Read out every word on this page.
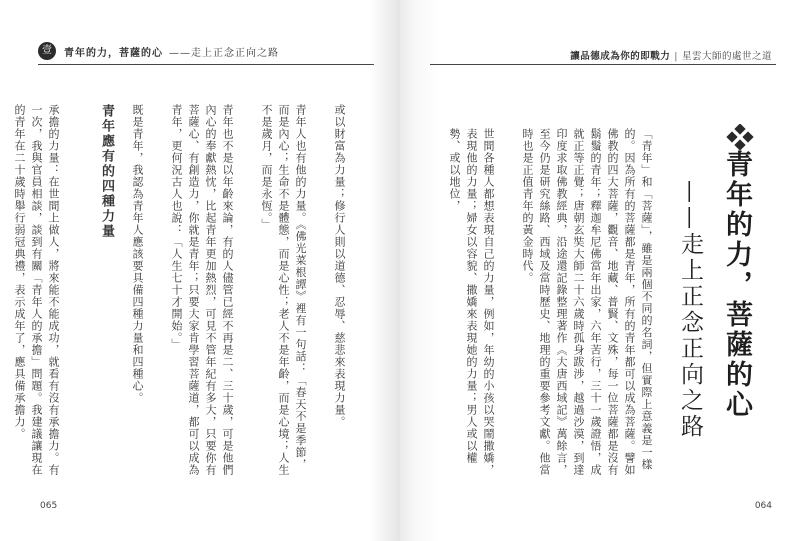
壹	青年的力，菩薩的心 ——走上正念正向之路

或以財富為力量；修行人則以道德、忍辱、慈悲來表現力量。

青年人也有他的力量。《佛光菜根譚》裡有一句話：「春天不是季節，而是內心；生命不是體態，而是心性；老人不是年齡，而是心境；人生不是歲月，而是永恆。」

青年也不是以年齡來論，有的人儘管已經不再是二、三十歲，可是他們內心的奉獻熱忱，比起青年更加熱烈，可見不管年紀有多大，只要你有菩薩心、有創造力，你就是青年；只要大家肯學習菩薩道，都可以成為青年，更何況古人也說：「人生七十才開始。」

既是青年，我認為青年人應該要具備四種力量和四種心。

青年應有的四種力量

承擔的力量：在世間上做人，將來能不能成功，就看有沒有承擔力。有一次，我與官員相談，談到有關「青年人的承擔」問題。我建議讓現在的青年在二十歲時舉行弱冠典禮，表示成年了，應具備承擔力。

065
讓品德成為你的即戰力 | 星雲大師的處世之道
青年的力，菩薩的心
——走上正念正向之路

「青年」和「菩薩」，雖是兩個不同的名詞，但實際上意義是一樣的。因為所有的菩薩都是青年，所有的青年都可以成為菩薩。譬如佛教的四大菩薩，觀音、地藏、普賢、文殊，每一位菩薩都是沒有鬍鬚的青年；釋迦牟尼佛當年出家，六年苦行，三十一歲證悟，成就正等正覺；唐朝玄奘大師二十六歲時孤身跋涉，越過沙漠，到達印度求取佛教經典，沿途還記錄整理著作《大唐西域記》萬餘言，至今仍是研究絲路、西域及當時歷史、地理的重要參考文獻。他當時也是正值青年的黃金時代。

世間各種人都想表現自己的力量，例如，年幼的小孩以哭鬧撒嬌，表現他的力量；婦女以容貌、撒嬌來表現她的力量；男人或以權勢、或以地位，

064
